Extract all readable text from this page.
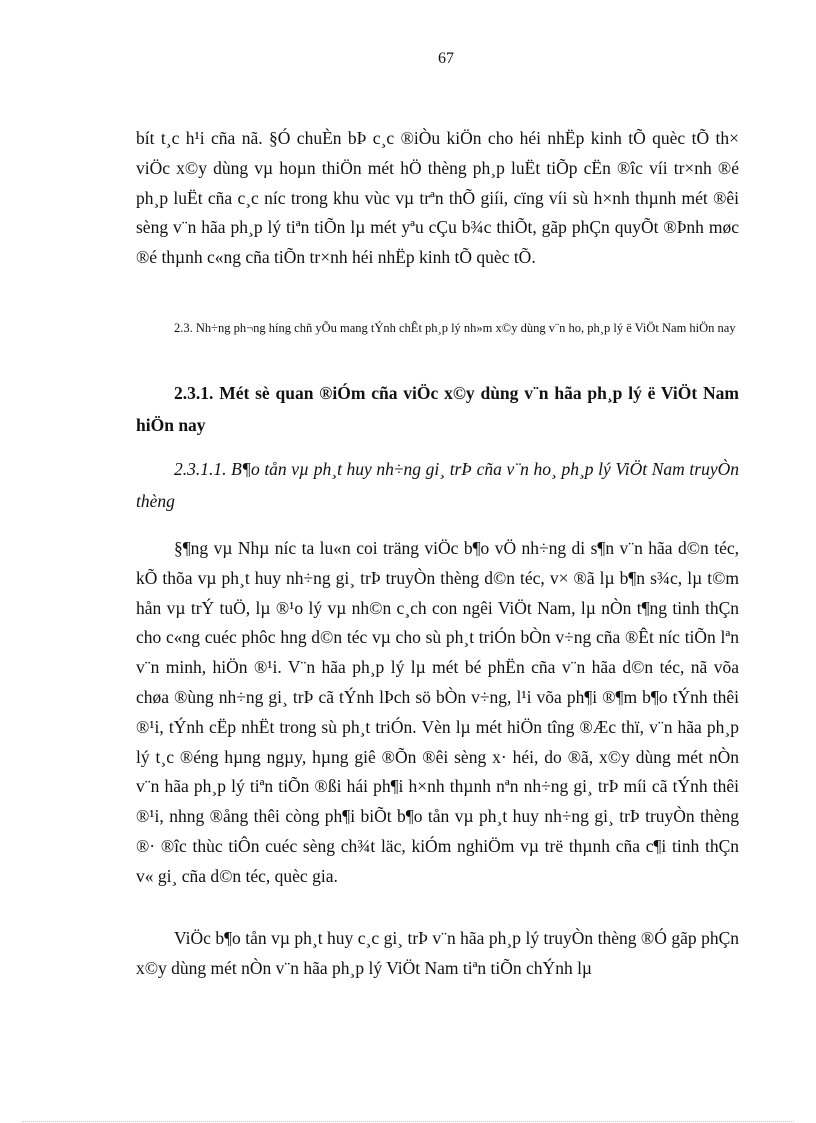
67

bít t¸c h¹i cña nã. §Ó chuÈn bÞ c¸c ®iÒu kiÖn cho héi nhËp kinh tÕ quèc tÕ th× viÖc x©y dùng vµ hoµn thiÖn mét hÖ thèng ph¸p luËt tiÕp cËn ®îc víi tr×nh ®é ph¸p luËt cña c¸c níc trong khu vùc vµ trªn thÕ giíi, cïng víi sù h×nh thµnh mét ®êi sèng v¨n hãa ph¸p lý tiªn tiÕn lµ mét yªu cÇu b¾c thiÕt, gãp phÇn quyÕt ®Þnh møc ®é thµnh c«ng cña tiÕn tr×nh héi nhËp kinh tÕ quèc tÕ.

2.3. Nh÷ng ph¬ng híng chñ yÕu mang tÝnh chÊt ph¸p lý nh»m x©y dùng v¨n ho, ph¸p lý ë ViÖt Nam hiÖn nay

2.3.1. Mét sè quan ®iÓm cña viÖc x©y dùng v¨n hãa ph¸p lý ë ViÖt Nam hiÖn nay

2.3.1.1. B¶o tån vµ ph¸t huy nh÷ng gi¸ trÞ cña v¨n ho¸ ph¸p lý ViÖt Nam truyÒn thèng

§¶ng vµ Nhµ níc ta lu«n coi träng viÖc b¶o vÖ nh÷ng di s¶n v¨n hãa d©n téc, kÕ thõa vµ ph¸t huy nh÷ng gi¸ trÞ truyÒn thèng d©n téc, v× ®ã lµ b¶n s¾c, lµ t©m hån vµ trÝ tuÖ, lµ ®¹o lý vµ nh©n c¸ch con ngêi ViÖt Nam, lµ nÒn t¶ng tinh thÇn cho c«ng cuéc phôc hng d©n téc vµ cho sù ph¸t triÓn bÒn v÷ng cña ®Êt níc tiÕn lªn v¨n minh, hiÖn ®¹i. V¨n hãa ph¸p lý lµ mét bé phËn cña v¨n hãa d©n téc, nã võa chøa ®ùng nh÷ng gi¸ trÞ cã tÝnh lÞch sö bÒn v÷ng, l¹i võa ph¶i ®¶m b¶o tÝnh thêi ®¹i, tÝnh cËp nhËt trong sù ph¸t triÓn. Vèn lµ mét hiÖn tîng ®Æc thï, v¨n hãa ph¸p lý t¸c ®éng hµng ngµy, hµng giê ®Õn ®êi sèng x· héi, do ®ã, x©y dùng mét nÒn v¨n hãa ph¸p lý tiªn tiÕn ®ßi hái ph¶i h×nh thµnh nªn nh÷ng gi¸ trÞ míi cã tÝnh thêi ®¹i, nhng ®ång thêi còng ph¶i biÕt b¶o tån vµ ph¸t huy nh÷ng gi¸ trÞ truyÒn thèng ®· ®îc thùc tiÔn cuéc sèng ch¾t läc, kiÓm nghiÖm vµ trë thµnh cña c¶i tinh thÇn v« gi¸ cña d©n téc, quèc gia.

ViÖc b¶o tån vµ ph¸t huy c¸c gi¸ trÞ v¨n hãa ph¸p lý truyÒn thèng ®Ó gãp phÇn x©y dùng mét nÒn v¨n hãa ph¸p lý ViÖt Nam tiªn tiÕn chÝnh lµ
